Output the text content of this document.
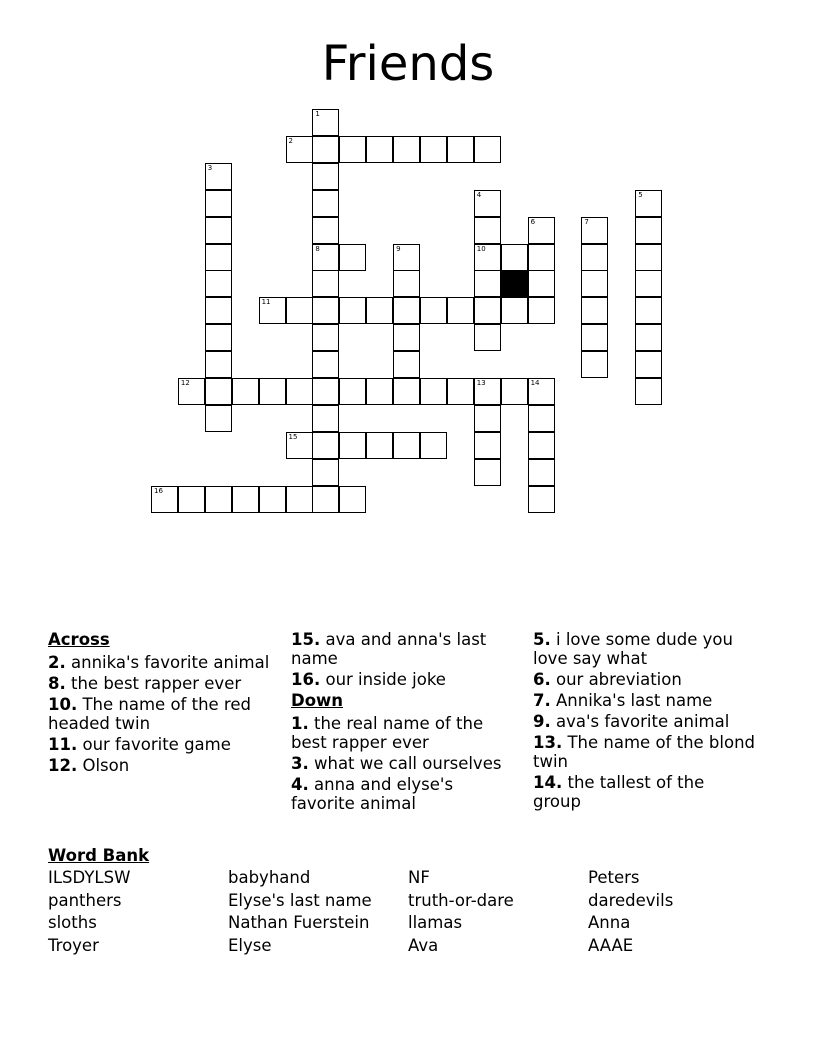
Friends
1
8
2
3
4
10
5
6	7
9
11
12	13	14
15
16
Across
2. annika's favorite animal
8. the best rapper ever
10. The name of the red headed twin
11. our favorite game
12. Olson
15. ava and anna's last name
16. our inside joke
Down
1. the real name of the best rapper ever
3. what we call ourselves
4. anna and elyse's favorite animal
5. i love some dude you love say what
6. our abreviation
7. Annika's last name
9. ava's favorite animal
13. The name of the blond twin
14. the tallest of the group
Word Bank
ILSDYLSW	babyhand	NF	Peters
panthers	Elyse's last name	truth-or-dare	daredevils
sloths	Nathan Fuerstein	llamas	Anna
Troyer	Elyse	Ava	AAAE
